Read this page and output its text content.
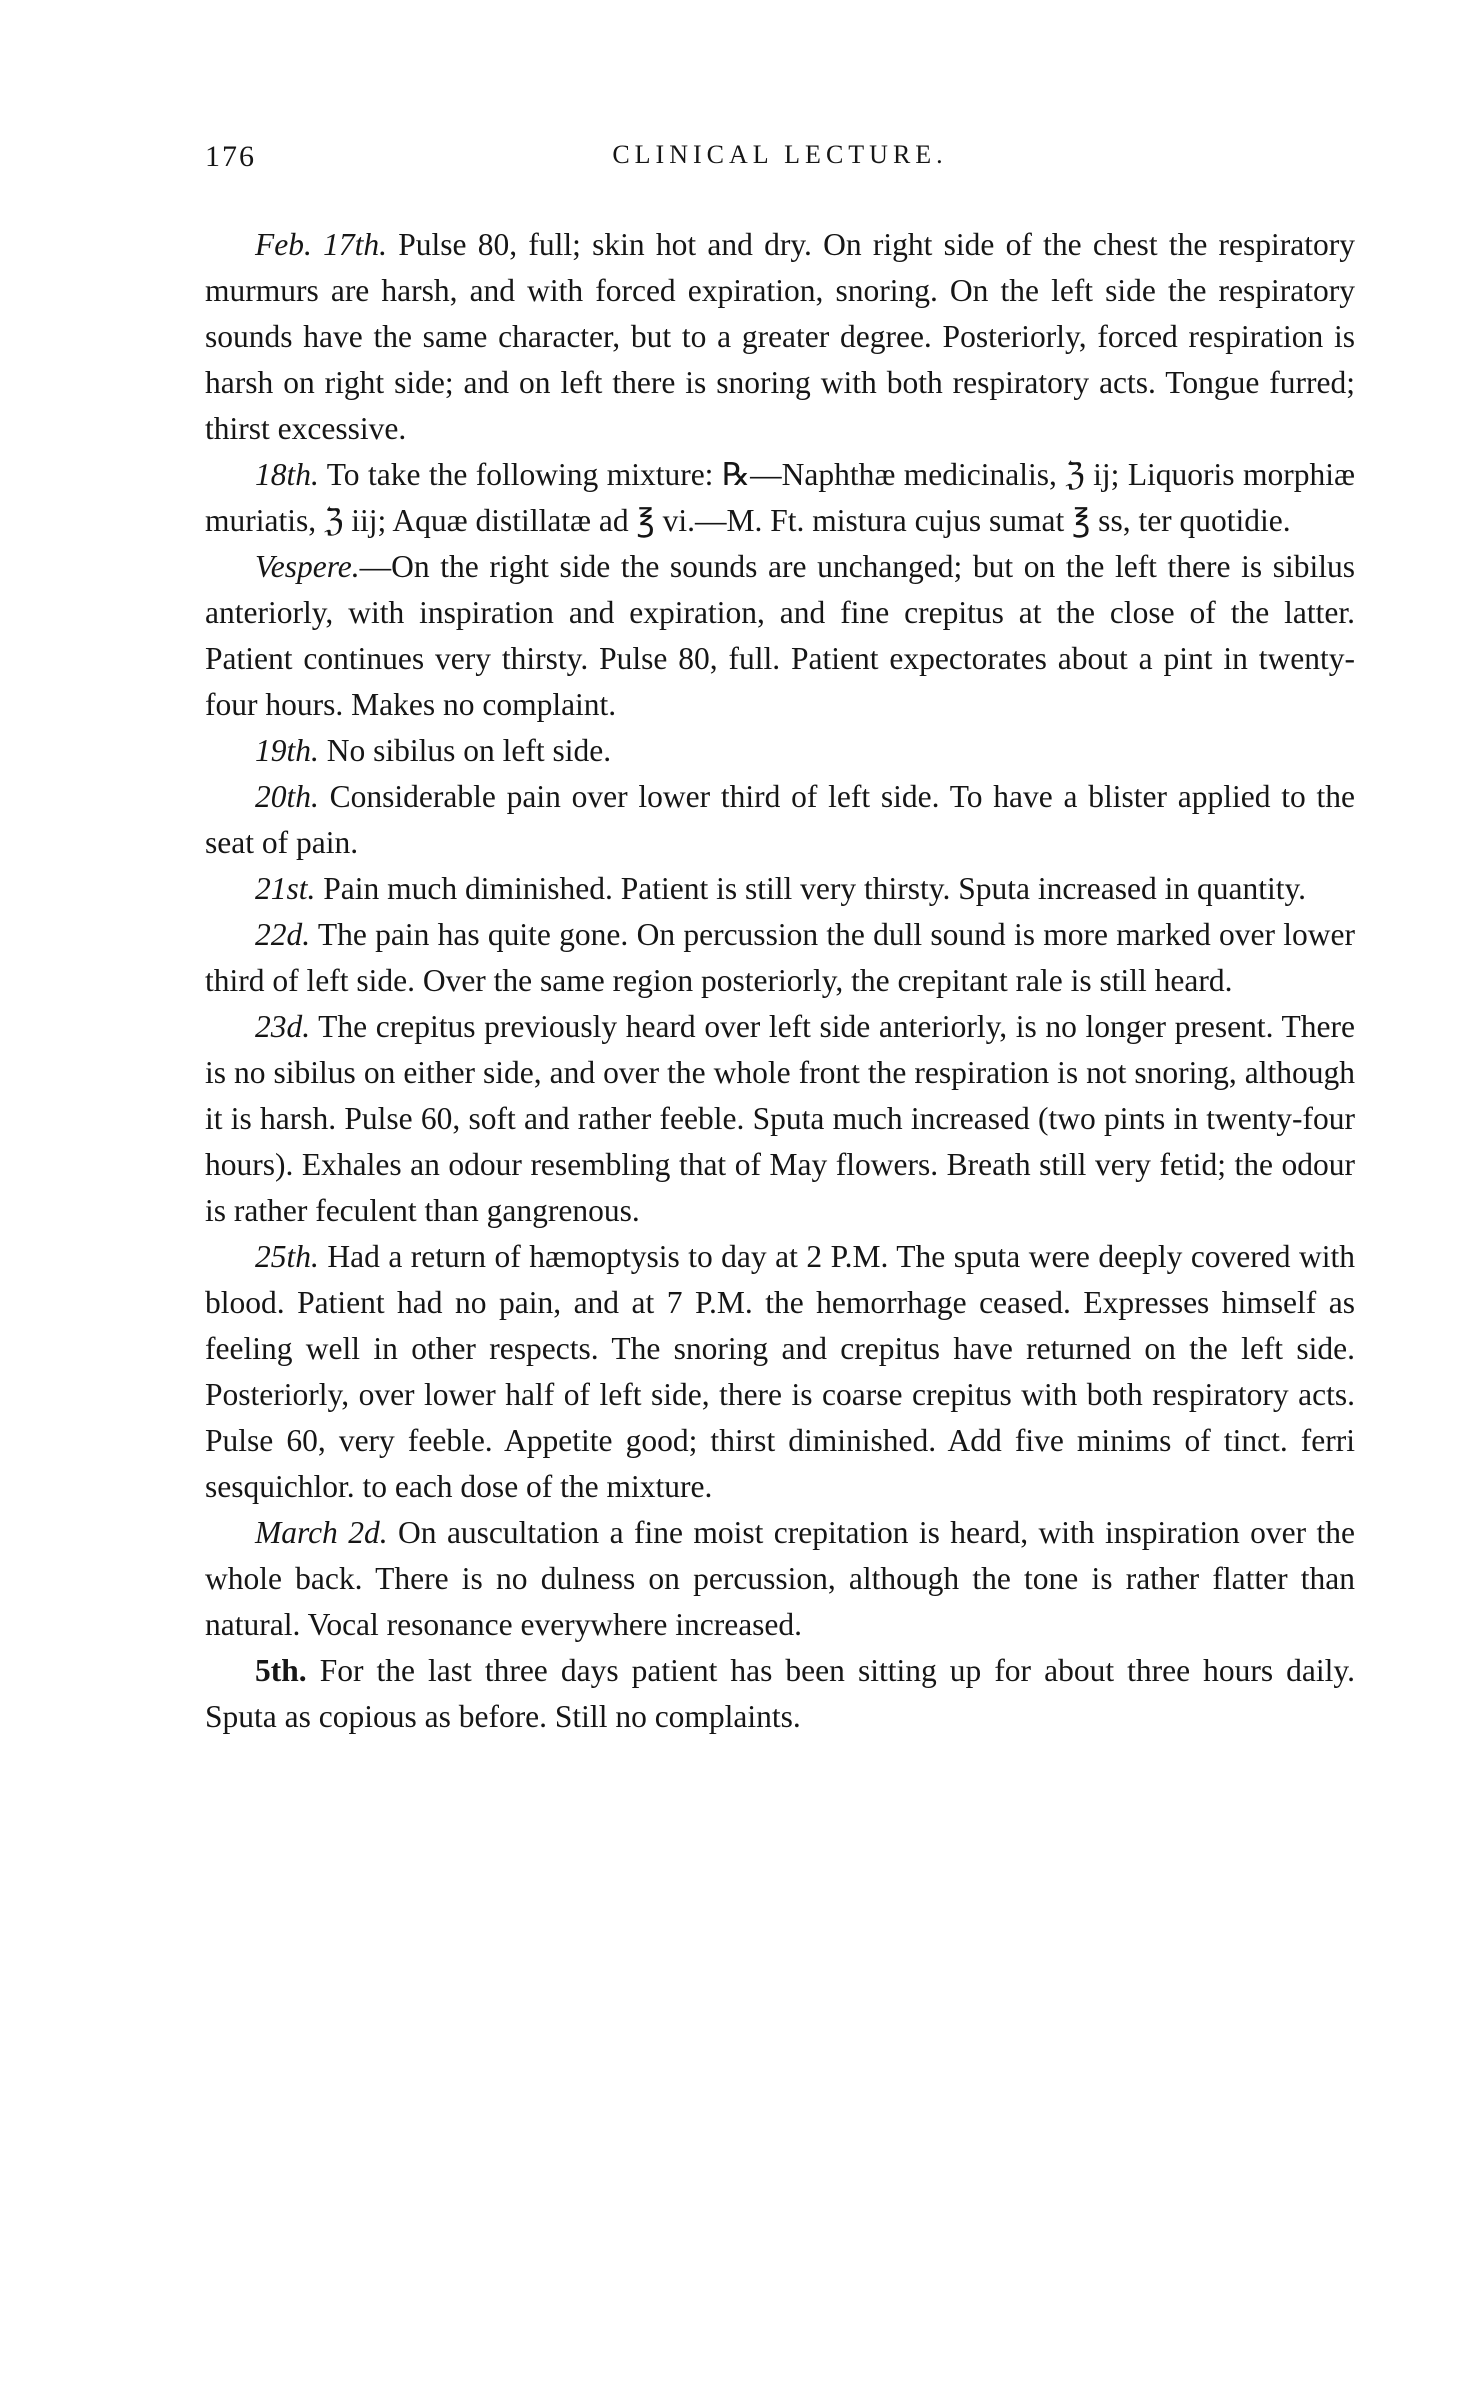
176	CLINICAL LECTURE.

Feb. 17th. Pulse 80, full; skin hot and dry. On right side of the chest the respiratory murmurs are harsh, and with forced expiration, snoring. On the left side the respiratory sounds have the same character, but to a greater degree. Posteriorly, forced respiration is harsh on right side; and on left there is snoring with both respiratory acts. Tongue furred; thirst excessive.

18th. To take the following mixture: ℞—Naphthæ medicinalis, ℨ ij; Liquoris morphiæ muriatis, ℨ iij; Aquæ distillatæ ad ℥ vi.—M. Ft. mistura cujus sumat ℥ ss, ter quotidie.

Vespere.—On the right side the sounds are unchanged; but on the left there is sibilus anteriorly, with inspiration and expiration, and fine crepitus at the close of the latter. Patient continues very thirsty. Pulse 80, full. Patient expectorates about a pint in twenty-four hours. Makes no complaint.

19th. No sibilus on left side.

20th. Considerable pain over lower third of left side. To have a blister applied to the seat of pain.

21st. Pain much diminished. Patient is still very thirsty. Sputa increased in quantity.

22d. The pain has quite gone. On percussion the dull sound is more marked over lower third of left side. Over the same region posteriorly, the crepitant rale is still heard.

23d. The crepitus previously heard over left side anteriorly, is no longer present. There is no sibilus on either side, and over the whole front the respiration is not snoring, although it is harsh. Pulse 60, soft and rather feeble. Sputa much increased (two pints in twenty-four hours). Exhales an odour resembling that of May flowers. Breath still very fetid; the odour is rather feculent than gangrenous.

25th. Had a return of hæmoptysis to day at 2 P.M. The sputa were deeply covered with blood. Patient had no pain, and at 7 P.M. the hemorrhage ceased. Expresses himself as feeling well in other respects. The snoring and crepitus have returned on the left side. Posteriorly, over lower half of left side, there is coarse crepitus with both respiratory acts. Pulse 60, very feeble. Appetite good; thirst diminished. Add five minims of tinct. ferri sesquichlor. to each dose of the mixture.

March 2d. On auscultation a fine moist crepitation is heard, with inspiration over the whole back. There is no dulness on percussion, although the tone is rather flatter than natural. Vocal resonance everywhere increased.

5th. For the last three days patient has been sitting up for about three hours daily. Sputa as copious as before. Still no complaints.
